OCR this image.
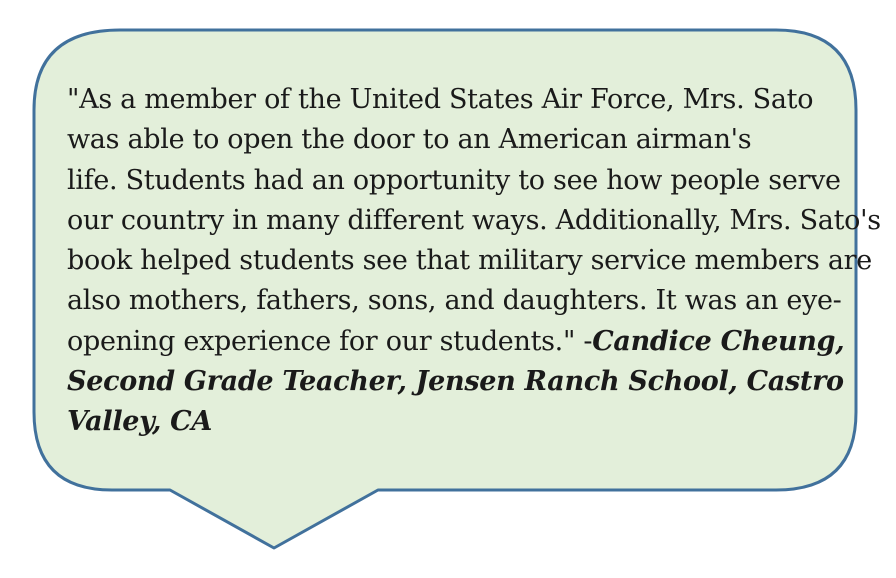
"As a member of the United States Air Force, Mrs. Sato
was able to open the door to an American airman's
life. Students had an opportunity to see how people serve
our country in many different ways. Additionally, Mrs. Sato's
book helped students see that military service members are
also mothers, fathers, sons, and daughters. It was an eye-
opening experience for our students." -Candice Cheung,
Second Grade Teacher, Jensen Ranch School, Castro
Valley, CA
